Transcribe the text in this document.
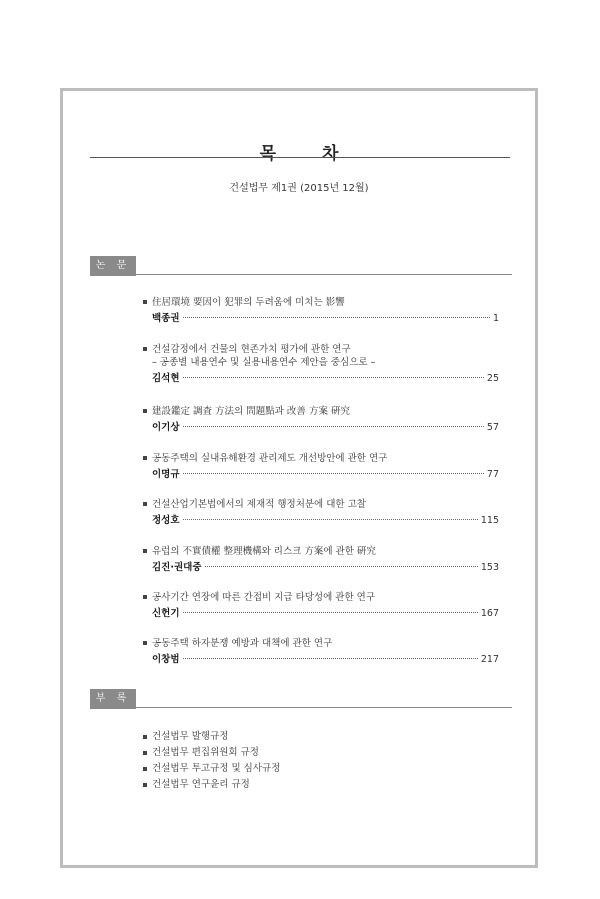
목 차
건설법무 제1권 (2015년 12월)
논 문
住居環境 要因이 犯罪의 두려움에 미치는 影響
백종권	1
건설감정에서 건물의 현존가치 평가에 관한 연구
– 공종별 내용연수 및 실용내용연수 제안을 중심으로 –
김석현	25
建設鑑定 調査 方法의 問題點과 改善 方案 硏究
이기상	57
공동주택의 실내유해환경 관리제도 개선방안에 관한 연구
이명규	77
건설산업기본법에서의 제재적 행정처분에 대한 고찰
정성호	115
유럽의 不實債權 整理機構와 리스크 方案에 관한 硏究
김진·권대중	153
공사기간 연장에 따른 간접비 지급 타당성에 관한 연구
신헌기	167
공동주택 하자분쟁 예방과 대책에 관한 연구
이창범	217
부 록
건설법무 발행규정
건설법무 편집위원회 규정
건설법무 투고규정 및 심사규정
건설법무 연구윤리 규정
